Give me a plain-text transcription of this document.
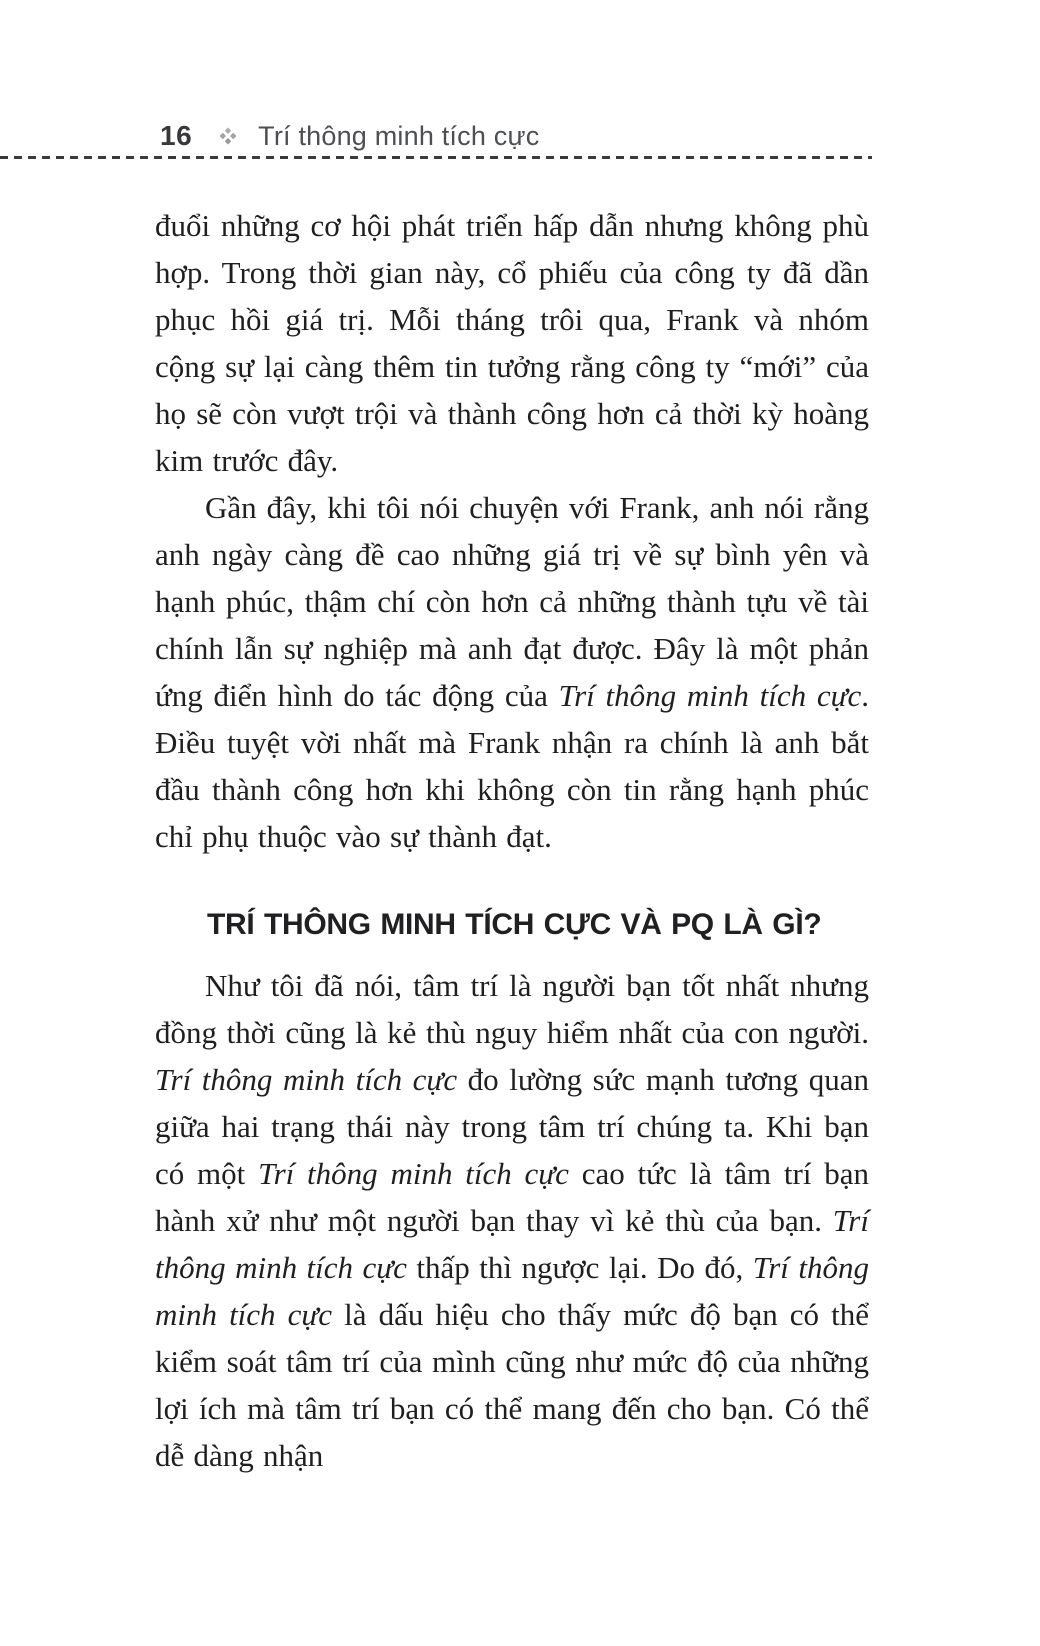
16 Trí thông minh tích cực

đuổi những cơ hội phát triển hấp dẫn nhưng không phù hợp. Trong thời gian này, cổ phiếu của công ty đã dần phục hồi giá trị. Mỗi tháng trôi qua, Frank và nhóm cộng sự lại càng thêm tin tưởng rằng công ty “mới” của họ sẽ còn vượt trội và thành công hơn cả thời kỳ hoàng kim trước đây.

Gần đây, khi tôi nói chuyện với Frank, anh nói rằng anh ngày càng đề cao những giá trị về sự bình yên và hạnh phúc, thậm chí còn hơn cả những thành tựu về tài chính lẫn sự nghiệp mà anh đạt được. Đây là một phản ứng điển hình do tác động của Trí thông minh tích cực. Điều tuyệt vời nhất mà Frank nhận ra chính là anh bắt đầu thành công hơn khi không còn tin rằng hạnh phúc chỉ phụ thuộc vào sự thành đạt.

TRÍ THÔNG MINH TÍCH CỰC VÀ PQ LÀ GÌ?

Như tôi đã nói, tâm trí là người bạn tốt nhất nhưng đồng thời cũng là kẻ thù nguy hiểm nhất của con người. Trí thông minh tích cực đo lường sức mạnh tương quan giữa hai trạng thái này trong tâm trí chúng ta. Khi bạn có một Trí thông minh tích cực cao tức là tâm trí bạn hành xử như một người bạn thay vì kẻ thù của bạn. Trí thông minh tích cực thấp thì ngược lại. Do đó, Trí thông minh tích cực là dấu hiệu cho thấy mức độ bạn có thể kiểm soát tâm trí của mình cũng như mức độ của những lợi ích mà tâm trí bạn có thể mang đến cho bạn. Có thể dễ dàng nhận
